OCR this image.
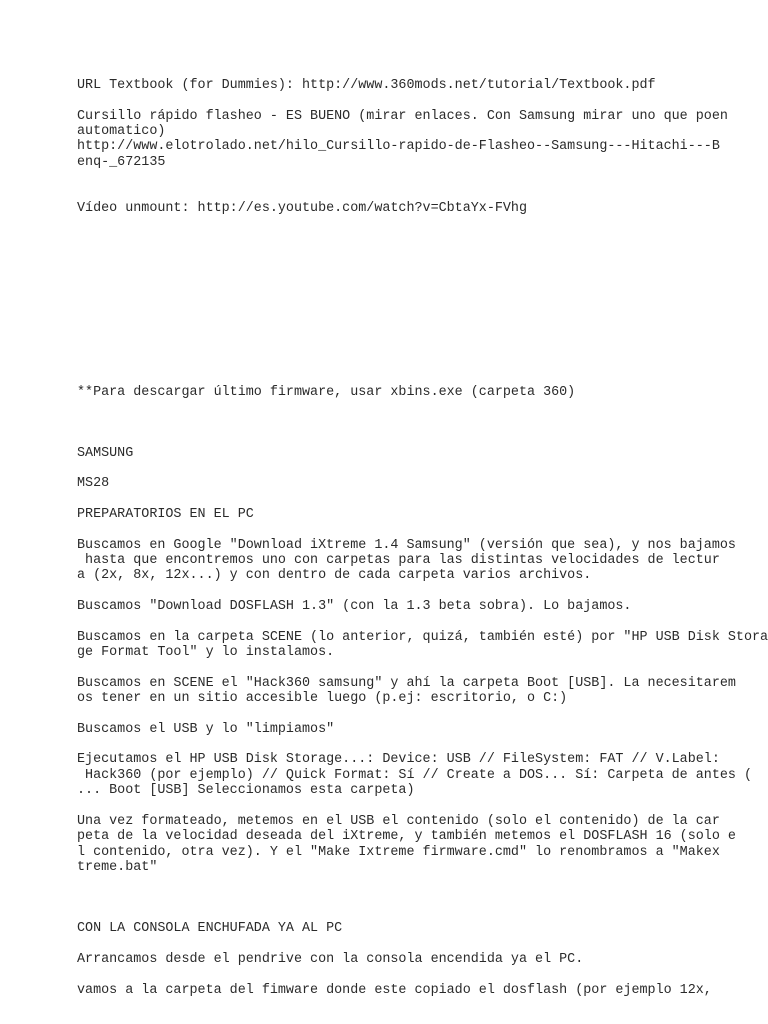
URL Textbook (for Dummies): http://www.360mods.net/tutorial/Textbook.pdf

Cursillo rápido flasheo - ES BUENO (mirar enlaces. Con Samsung mirar uno que poen

automatico)

http://www.elotrolado.net/hilo_Cursillo-rapido-de-Flasheo--Samsung---Hitachi---B

enq-_672135

Vídeo unmount: http://es.youtube.com/watch?v=CbtaYx-FVhg

**Para descargar último firmware, usar xbins.exe (carpeta 360)

SAMSUNG

MS28

PREPARATORIOS EN EL PC

Buscamos en Google "Download iXtreme 1.4 Samsung" (versión que sea), y nos bajamos

hasta que encontremos uno con carpetas para las distintas velocidades de lectur

a (2x, 8x, 12x...) y con dentro de cada carpeta varios archivos.

Buscamos "Download DOSFLASH 1.3" (con la 1.3 beta sobra). Lo bajamos.

Buscamos en la carpeta SCENE (lo anterior, quizá, también esté) por "HP USB Disk Stora

ge Format Tool" y lo instalamos.

Buscamos en SCENE el "Hack360 samsung" y ahí la carpeta Boot [USB]. La necesitarem

os tener en un sitio accesible luego (p.ej: escritorio, o C:)

Buscamos el USB y lo "limpiamos"

Ejecutamos el HP USB Disk Storage...: Device: USB // FileSystem: FAT // V.Label:

Hack360 (por ejemplo) // Quick Format: Sí // Create a DOS... Sí: Carpeta de antes (

... Boot [USB] Seleccionamos esta carpeta)

Una vez formateado, metemos en el USB el contenido (solo el contenido) de la car

peta de la velocidad deseada del iXtreme, y también metemos el DOSFLASH 16 (solo e

l contenido, otra vez). Y el "Make Ixtreme firmware.cmd" lo renombramos a "Makex

treme.bat"

CON LA CONSOLA ENCHUFADA YA AL PC

Arrancamos desde el pendrive con la consola encendida ya el PC.

vamos a la carpeta del fimware donde este copiado el dosflash (por ejemplo 12x,
